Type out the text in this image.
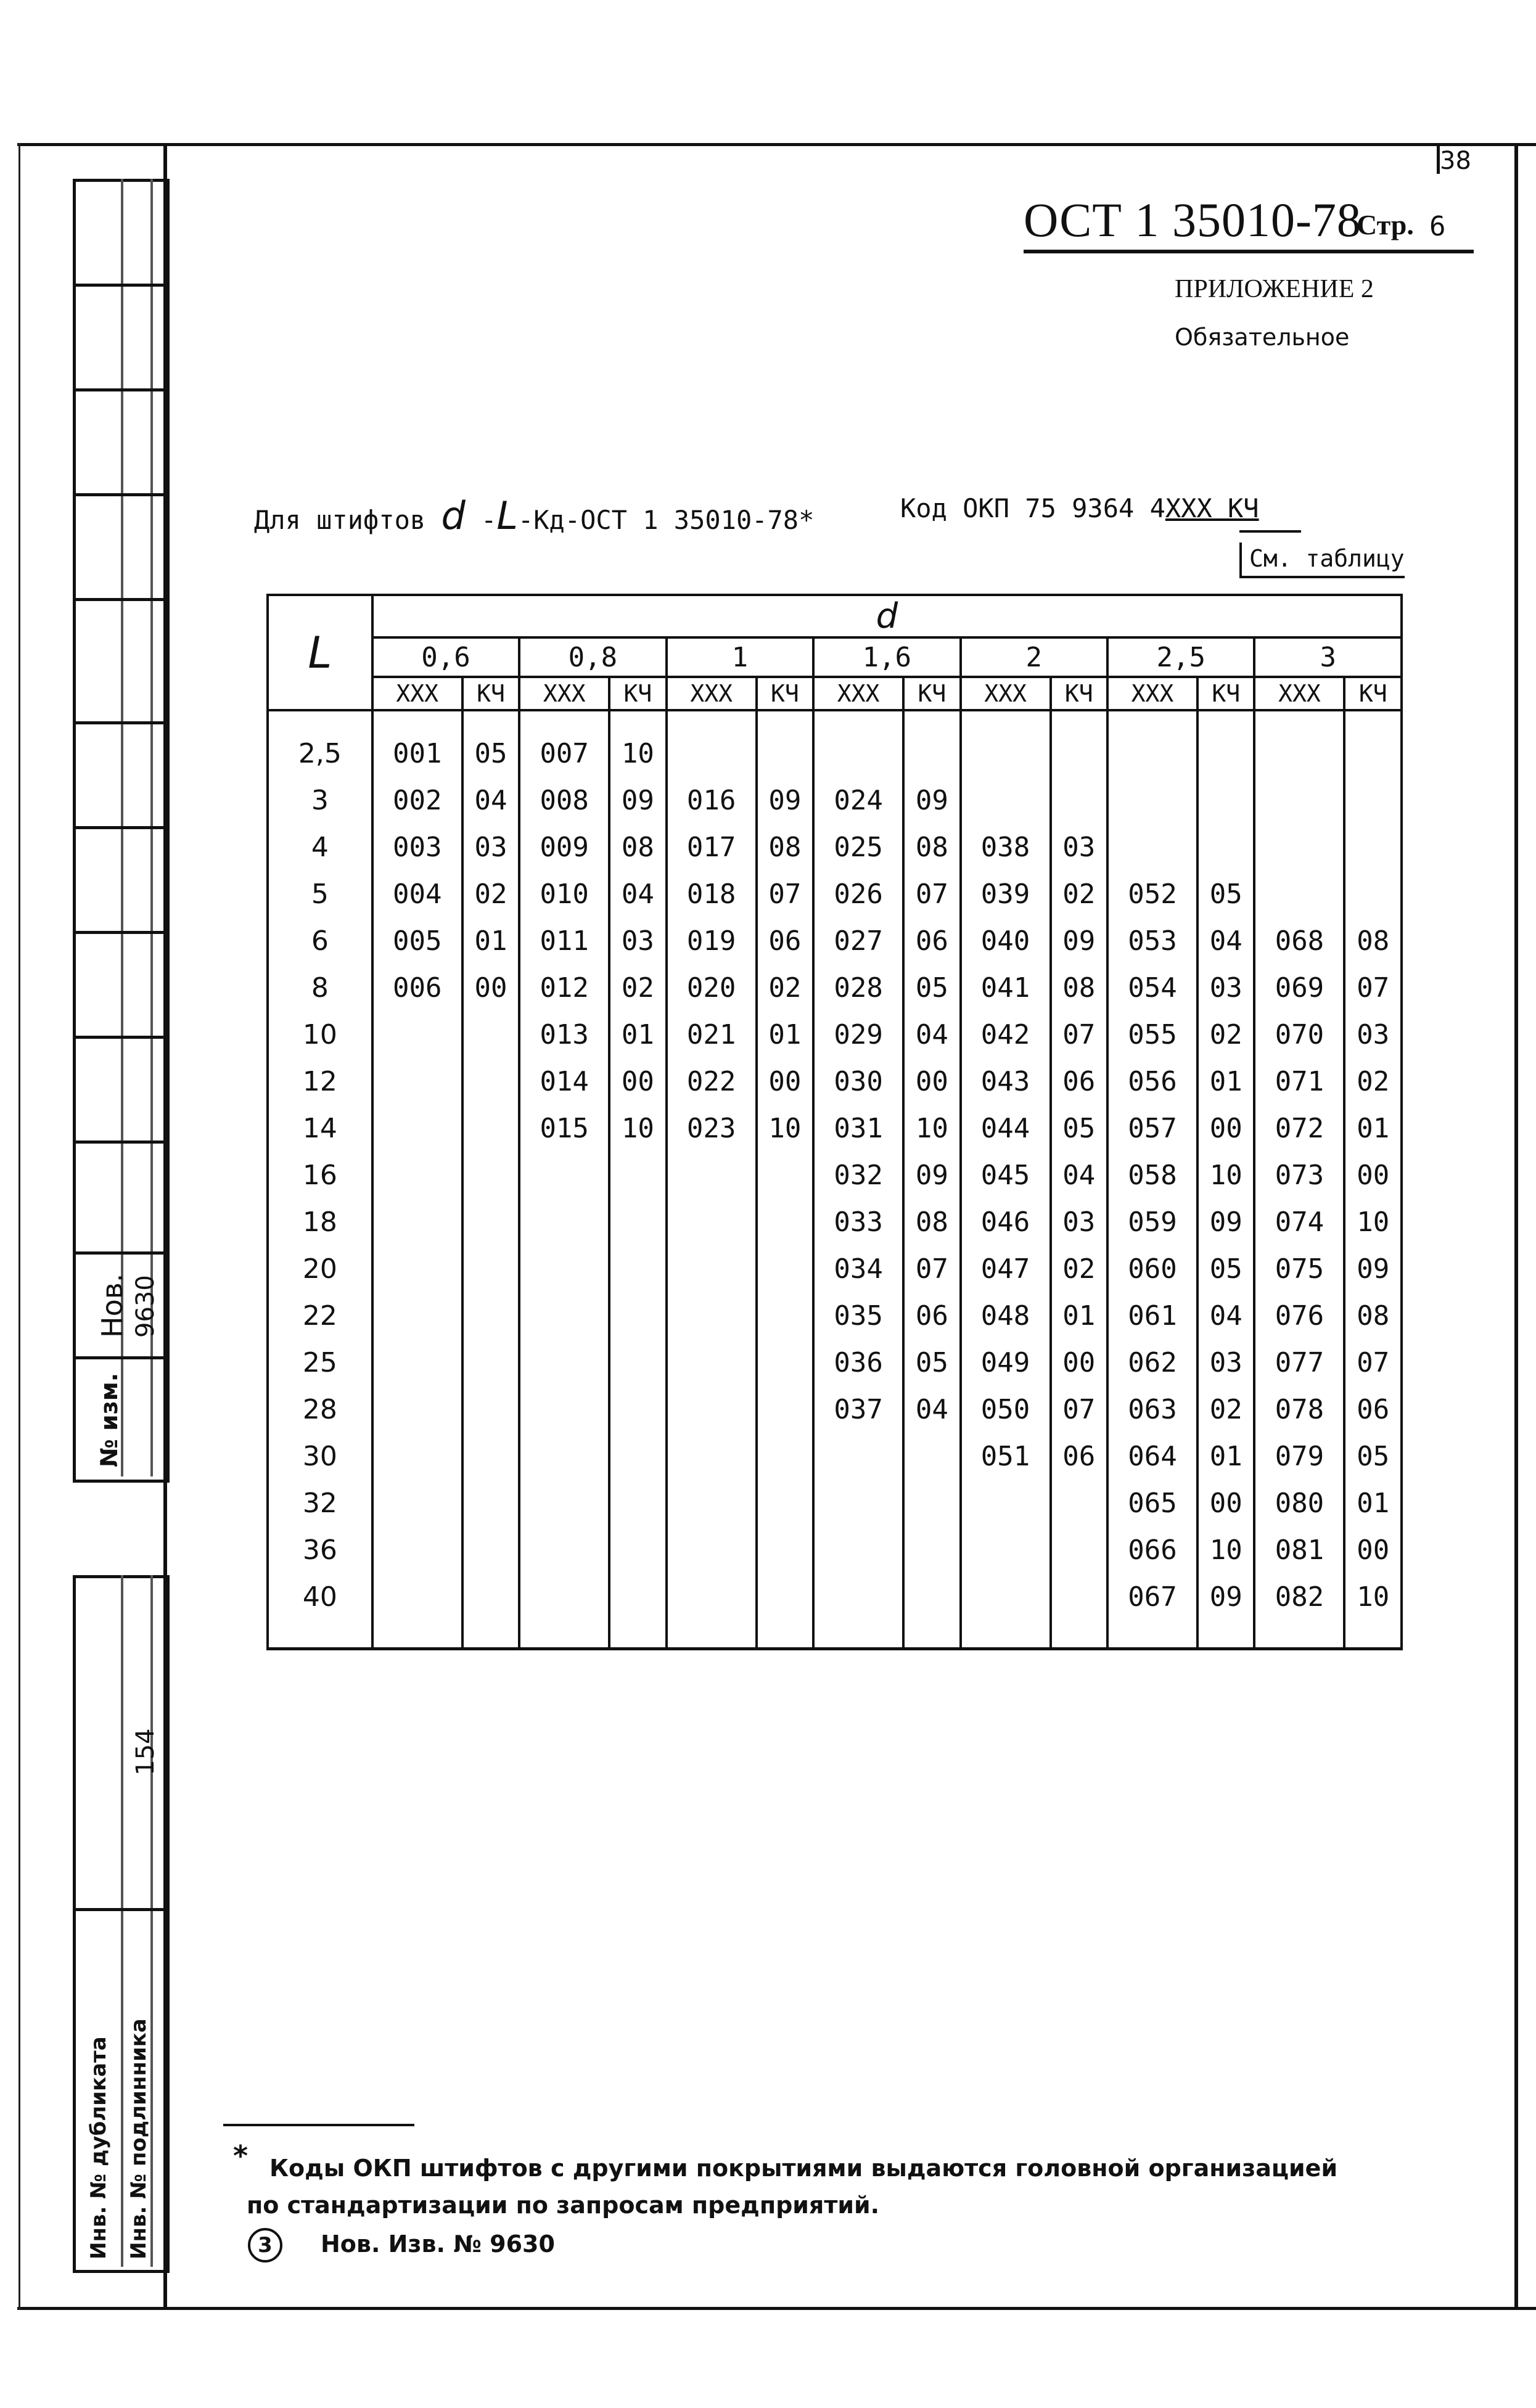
Нов. 9630
№ изм.
154
Инв. № дубликата Инв. № подлинника
38
ОСТ 1 35010-78
Стр. 6
ПРИЛОЖЕНИЕ 2
Обязательное
Для штифтов d -L-Кд-ОСТ 1 35010-78*	Код ОКП 75 9364 4XXX КЧ
См. таблицу
L	d													
	0,6		0,8		1		1,6		2		2,5		3	
	XXX	КЧ	XXX	КЧ	XXX	КЧ	XXX	КЧ	XXX	КЧ	XXX	КЧ	XXX	КЧ
2,5	001	05	007	10										
3	002	04	008	09	016	09	024	09						
4	003	03	009	08	017	08	025	08	038	03				
5	004	02	010	04	018	07	026	07	039	02	052	05		
6	005	01	011	03	019	06	027	06	040	09	053	04	068	08
8	006	00	012	02	020	02	028	05	041	08	054	03	069	07
10			013	01	021	01	029	04	042	07	055	02	070	03
12			014	00	022	00	030	00	043	06	056	01	071	02
14			015	10	023	10	031	10	044	05	057	00	072	01
16							032	09	045	04	058	10	073	00
18							033	08	046	03	059	09	074	10
20							034	07	047	02	060	05	075	09
22							035	06	048	01	061	04	076	08
25							036	05	049	00	062	03	077	07
28							037	04	050	07	063	02	078	06
30									051	06	064	01	079	05
32											065	00	080	01
36											066	10	081	00
40											067	09	082	10

* Коды ОКП штифтов с другими покрытиями выдаются головной организацией
по стандартизации по запросам предприятий.
3	Нов. Изв. № 9630
